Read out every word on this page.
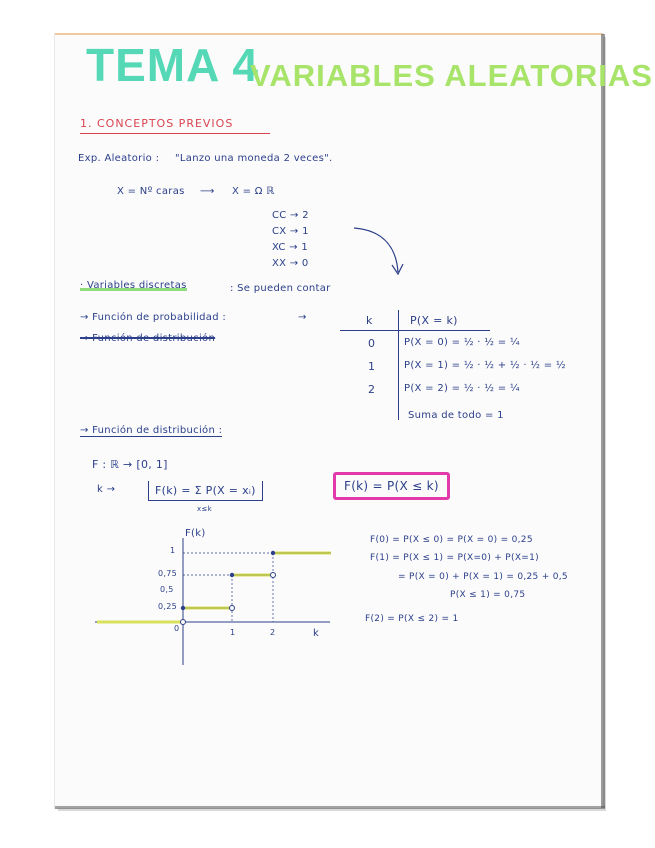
TEMA 4
VARIABLES ALEATORIAS
1. CONCEPTOS PREVIOS
Exp. Aleatorio : "Lanzo una moneda 2 veces".
X = Nº caras ⟶ X = Ω ℝ
CC → 2
CX → 1
XC → 1
XX → 0
· Variables discretas	: Se pueden contar
→ Función de probabilidad :	→
→ Función de distribución
k	P(X = k)
0	P(X = 0) = ½ · ½ = ¼
1	P(X = 1) = ½ · ½ + ½ · ½ = ½
2	P(X = 2) = ½ · ½ = ¼
Suma de todo = 1
→ Función de distribución :
F : ℝ → [0, 1]
k →	F(k) = Σ P(X = xᵢ)
x≤k
F(k) = P(X ≤ k)
F(k)
k
1
0,75
0,5
0,25
0	1	2
F(0) = P(X ≤ 0) = P(X = 0) = 0,25
F(1) = P(X ≤ 1) = P(X=0) + P(X=1)
= P(X = 0) + P(X = 1) = 0,25 + 0,5
P(X ≤ 1) = 0,75
F(2) = P(X ≤ 2) = 1
